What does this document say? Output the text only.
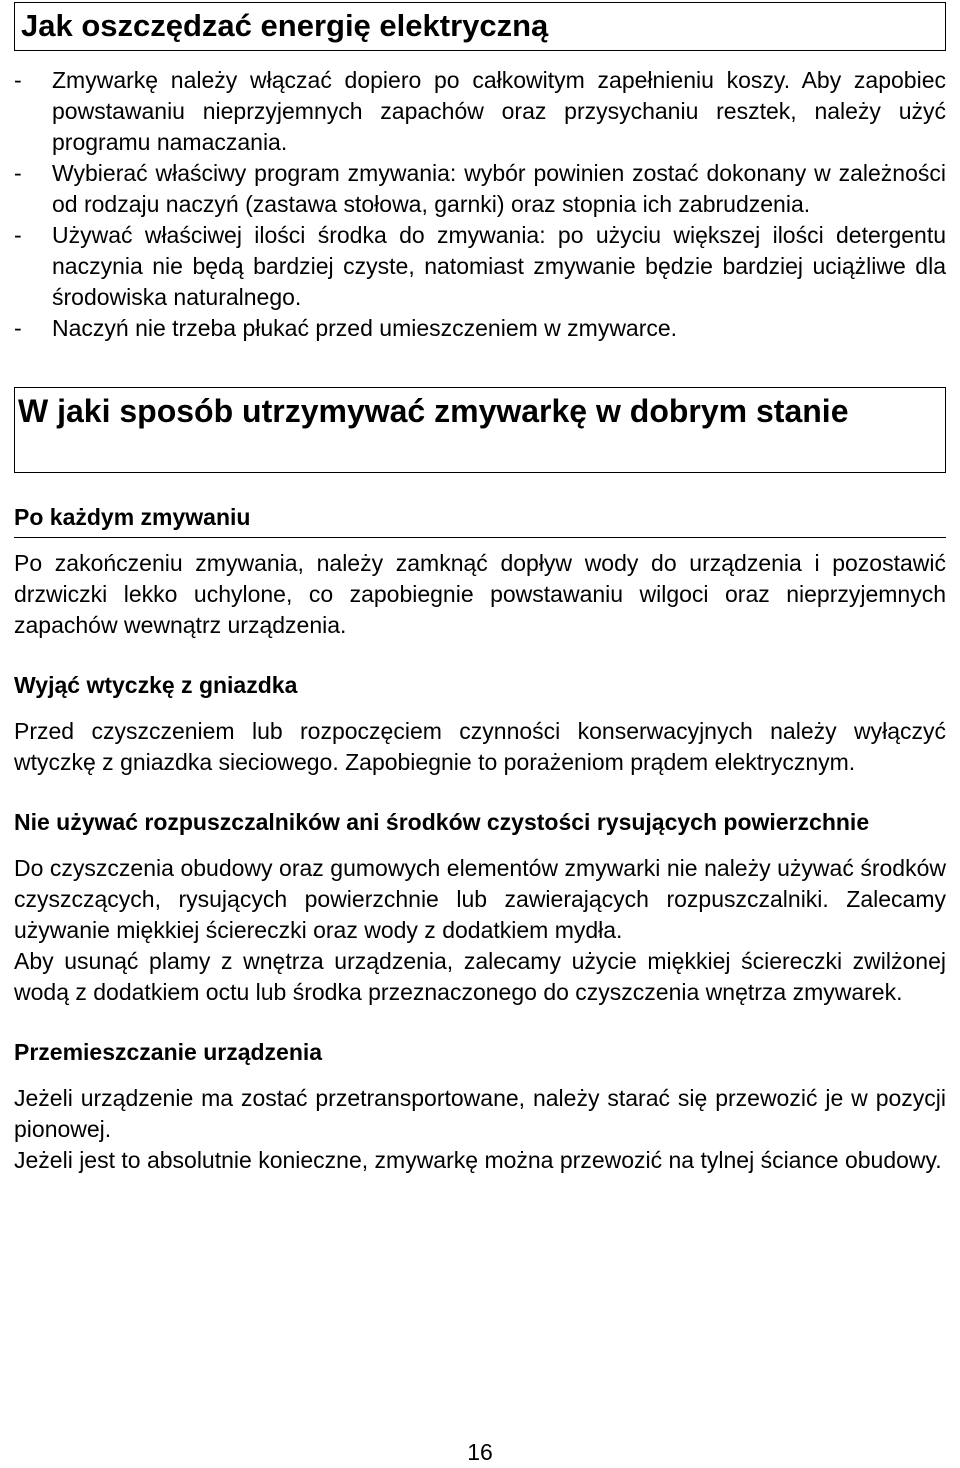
Jak oszczędzać energię elektryczną
-	Zmywarkę należy włączać dopiero po całkowitym zapełnieniu koszy. Aby zapobiec powstawaniu nieprzyjemnych zapachów oraz przysychaniu resztek, należy użyć programu namaczania.
-	Wybierać właściwy program zmywania: wybór powinien zostać dokonany w zależności od rodzaju naczyń (zastawa stołowa, garnki) oraz stopnia ich zabrudzenia.
-	Używać właściwej ilości środka do zmywania: po użyciu większej ilości detergentu naczynia nie będą bardziej czyste, natomiast zmywanie będzie bardziej uciążliwe dla środowiska naturalnego.
-	Naczyń nie trzeba płukać przed umieszczeniem w zmywarce.
W jaki sposób utrzymywać zmywarkę w dobrym stanie
Po każdym zmywaniu
Po zakończeniu zmywania, należy zamknąć dopływ wody do urządzenia i pozostawić drzwiczki lekko uchylone, co zapobiegnie powstawaniu wilgoci oraz nieprzyjemnych zapachów wewnątrz urządzenia.
Wyjąć wtyczkę z gniazdka
Przed czyszczeniem lub rozpoczęciem czynności konserwacyjnych należy wyłączyć wtyczkę z gniazdka sieciowego. Zapobiegnie to porażeniom prądem elektrycznym.
Nie używać rozpuszczalników ani środków czystości rysujących powierzchnie
Do czyszczenia obudowy oraz gumowych elementów zmywarki nie należy używać środków czyszczących, rysujących powierzchnie lub zawierających rozpuszczalniki. Zalecamy używanie miękkiej ściereczki oraz wody z dodatkiem mydła.
Aby usunąć plamy z wnętrza urządzenia, zalecamy użycie miękkiej ściereczki zwilżonej wodą z dodatkiem octu lub środka przeznaczonego do czyszczenia wnętrza zmywarek.
Przemieszczanie urządzenia
Jeżeli urządzenie ma zostać przetransportowane, należy starać się przewozić je w pozycji pionowej.
Jeżeli jest to absolutnie konieczne, zmywarkę można przewozić na tylnej ściance obudowy.
16
